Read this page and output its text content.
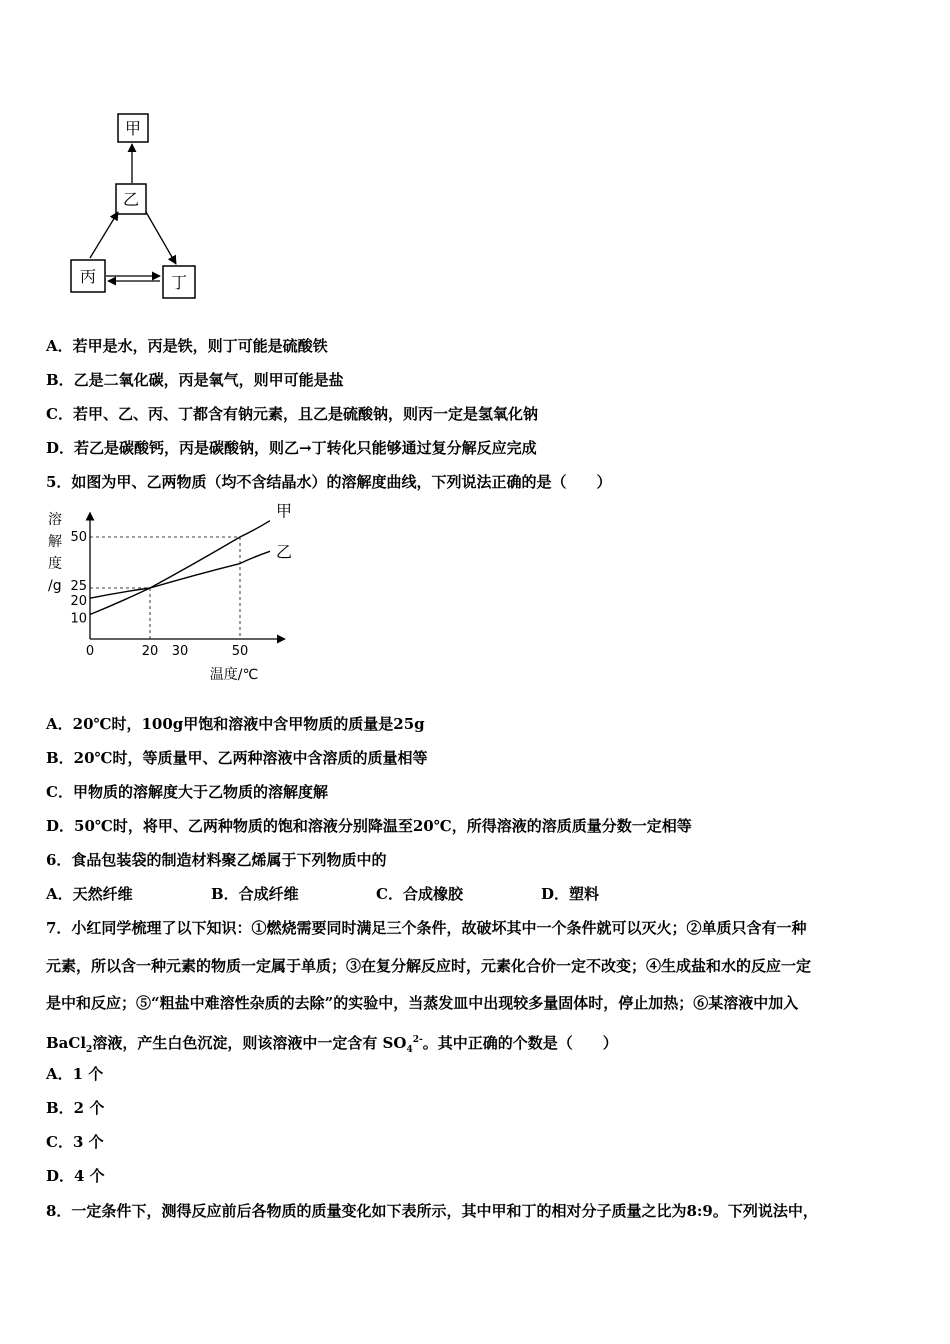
甲
乙
丙	丁
A．若甲是水，丙是铁，则丁可能是硫酸铁
B．乙是二氧化碳，丙是氧气，则甲可能是盐
C．若甲、乙、丙、丁都含有钠元素，且乙是硫酸钠，则丙一定是氢氧化钠
D．若乙是碳酸钙，丙是碳酸钠，则乙→丁转化只能够通过复分解反应完成
5．如图为甲、乙两物质（均不含结晶水）的溶解度曲线，下列说法正确的是（　　）
0	20 30	50
10
20
25
50
溶
解
度
/g
温度/℃
甲
乙
A．20℃时，100g甲饱和溶液中含甲物质的质量是25g
B．20℃时，等质量甲、乙两种溶液中含溶质的质量相等
C．甲物质的溶解度大于乙物质的溶解度解
D．50℃时，将甲、乙两种物质的饱和溶液分别降温至20℃，所得溶液的溶质质量分数一定相等
6．食品包装袋的制造材料聚乙烯属于下列物质中的
A．天然纤维	B．合成纤维	C．合成橡胶	D．塑料
7．小红同学梳理了以下知识：①燃烧需要同时满足三个条件，故破坏其中一个条件就可以灭火；②单质只含有一种
元素，所以含一种元素的物质一定属于单质；③在复分解反应时，元素化合价一定不改变；④生成盐和水的反应一定
是中和反应；⑤“粗盐中难溶性杂质的去除”的实验中，当蒸发皿中出现较多量固体时，停止加热；⑥某溶液中加入
BaCl$_2$溶液，产生白色沉淀，则该溶液中一定含有 $SO_4^{2-}$。其中正确的个数是（　　）
A．1 个
B．2 个
C．3 个
D．4 个
8．一定条件下，测得反应前后各物质的质量变化如下表所示，其中甲和丁的相对分子质量之比为8:9。下列说法中，
